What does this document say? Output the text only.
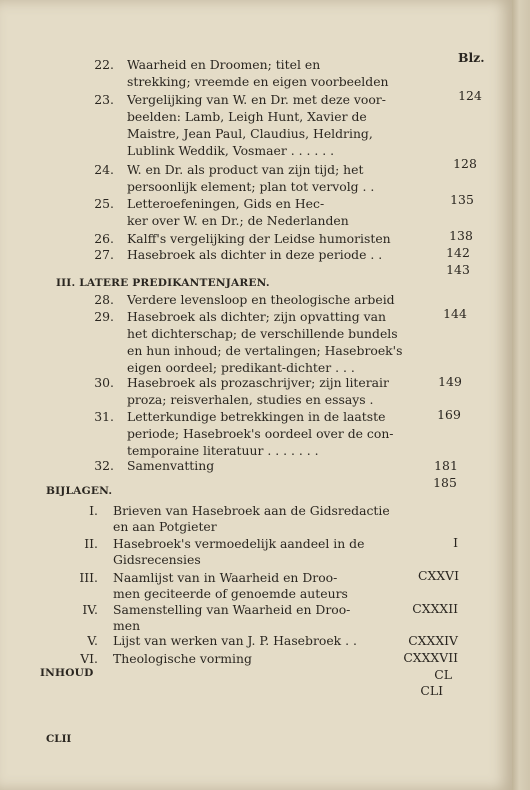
Blz.
22. Waarheid en Droomen; titel en
strekking; vreemde en eigen voorbeelden
124
23. Vergelijking van W. en Dr. met deze voor-
beelden: Lamb, Leigh Hunt, Xavier de
Maistre, Jean Paul, Claudius, Heldring,
Lublink Weddik, Vosmaer . . . . . .
128
24. W. en Dr. als product van zijn tijd; het
persoonlijk element; plan tot vervolg . .
135
25. Letteroefeningen, Gids en Hec-
ker over W. en Dr.; de Nederlanden
138
26. Kalff's vergelijking der Leidse humoristen
142
27. Hasebroek als dichter in deze periode . .
143
28. Verdere levensloop en theologische arbeid
144
29. Hasebroek als dichter; zijn opvatting van
het dichterschap; de verschillende bundels
en hun inhoud; de vertalingen; Hasebroek's
eigen oordeel; predikant-dichter . . .
149
30. Hasebroek als prozaschrijver; zijn literair
proza; reisverhalen, studies en essays .
169
31. Letterkundige betrekkingen in de laatste
periode; Hasebroek's oordeel over de con-
temporaine literatuur . . . . . . .
181
32. Samenvatting
185
III. LATERE PREDIKANTENJAREN.
BIJLAGEN.
I. Brieven van Hasebroek aan de Gidsredactie
en aan Potgieter
I
II. Hasebroek's vermoedelijk aandeel in de
Gidsrecensies
CXXVI
III. Naamlijst van in Waarheid en Droo-
men geciteerde of genoemde auteurs
CXXXII
IV. Samenstelling van Waarheid en Droo-
men
CXXXIV
V. Lijst van werken van J. P. Hasebroek . .
CXXXVII
VI. Theologische vorming
CL
INHOUD
CLII
CLI
